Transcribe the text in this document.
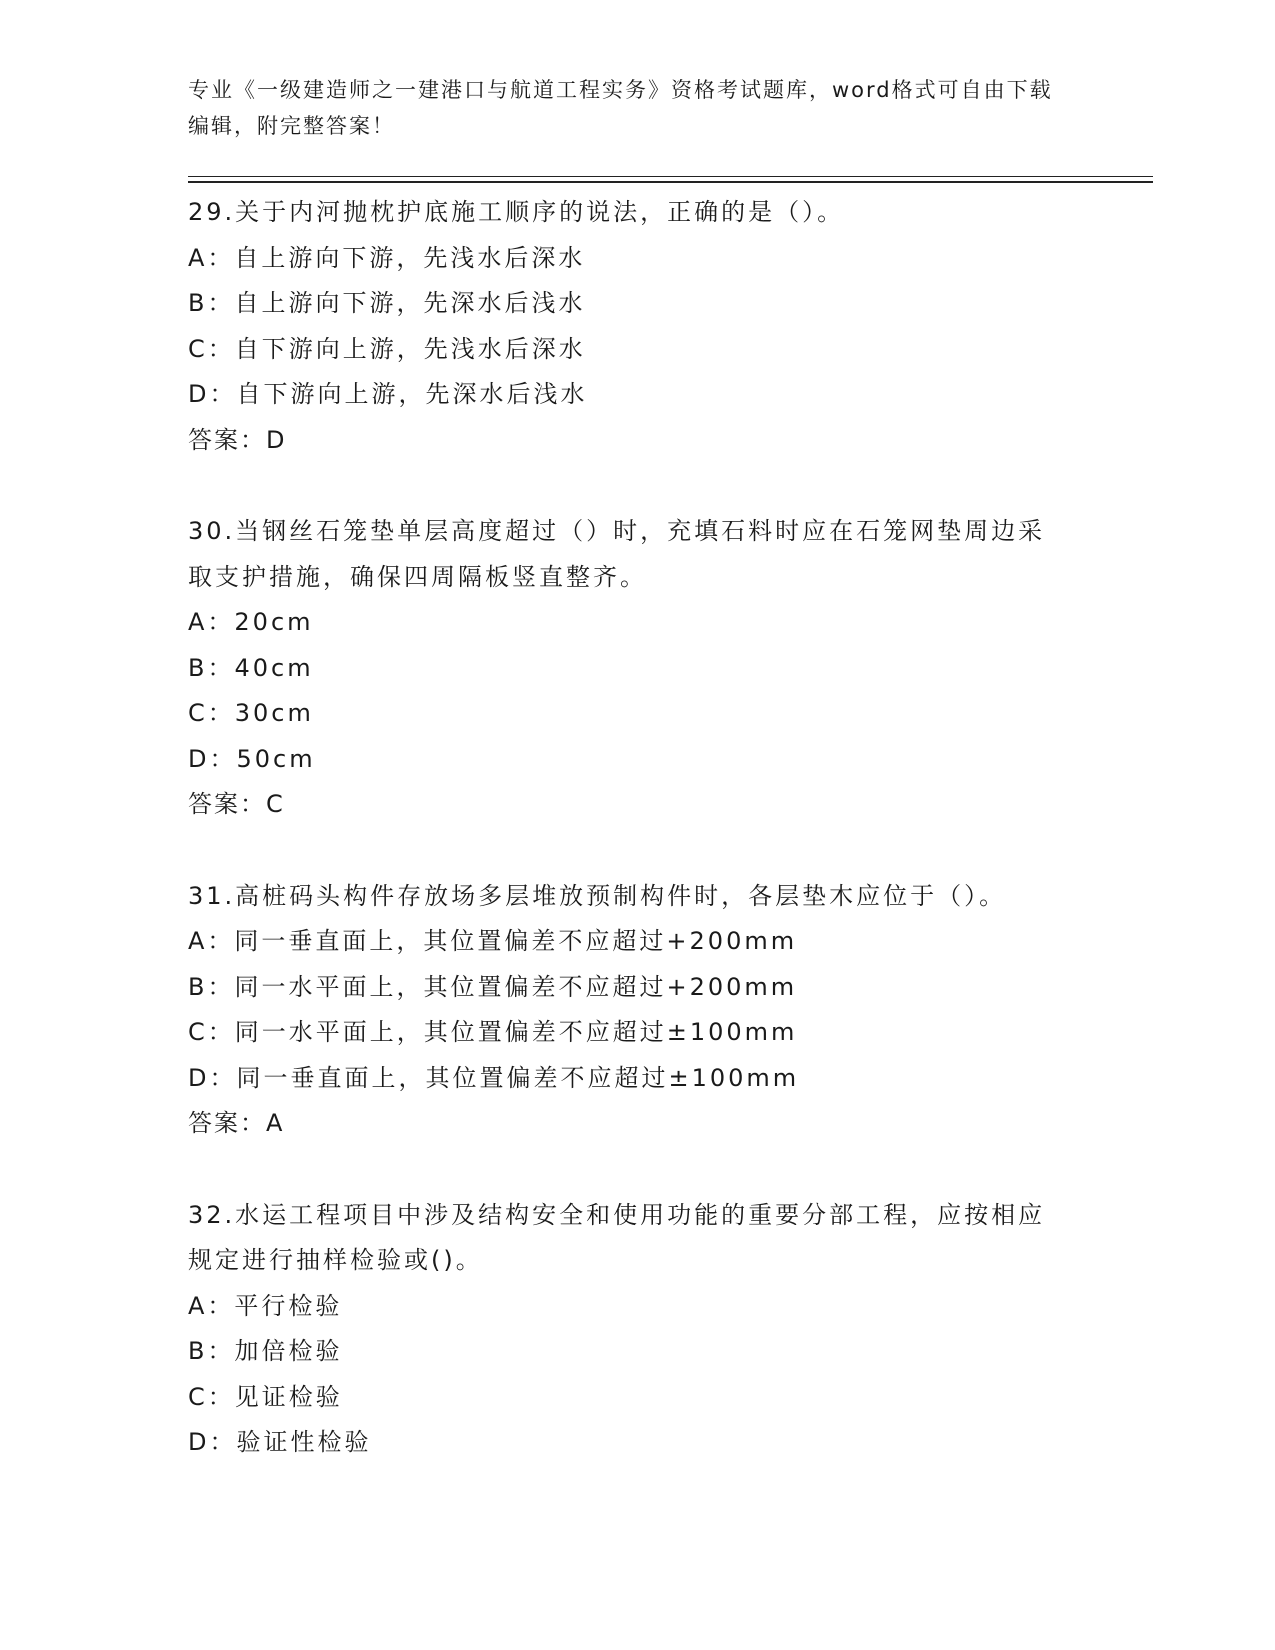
专业《一级建造师之一建港口与航道工程实务》资格考试题库，word格式可自由下载编辑，附完整答案！
29.关于内河抛枕护底施工顺序的说法，正确的是（）。
A：自上游向下游，先浅水后深水
B：自上游向下游，先深水后浅水
C：自下游向上游，先浅水后深水
D：自下游向上游，先深水后浅水
答案：D
30.当钢丝石笼垫单层高度超过（）时，充填石料时应在石笼网垫周边采取支护措施，确保四周隔板竖直整齐。
A：20cm
B：40cm
C：30cm
D：50cm
答案：C
31.高桩码头构件存放场多层堆放预制构件时，各层垫木应位于（）。
A：同一垂直面上，其位置偏差不应超过+200mm
B：同一水平面上，其位置偏差不应超过+200mm
C：同一水平面上，其位置偏差不应超过±100mm
D：同一垂直面上，其位置偏差不应超过±100mm
答案：A
32.水运工程项目中涉及结构安全和使用功能的重要分部工程，应按相应规定进行抽样检验或()。
A：平行检验
B：加倍检验
C：见证检验
D：验证性检验
